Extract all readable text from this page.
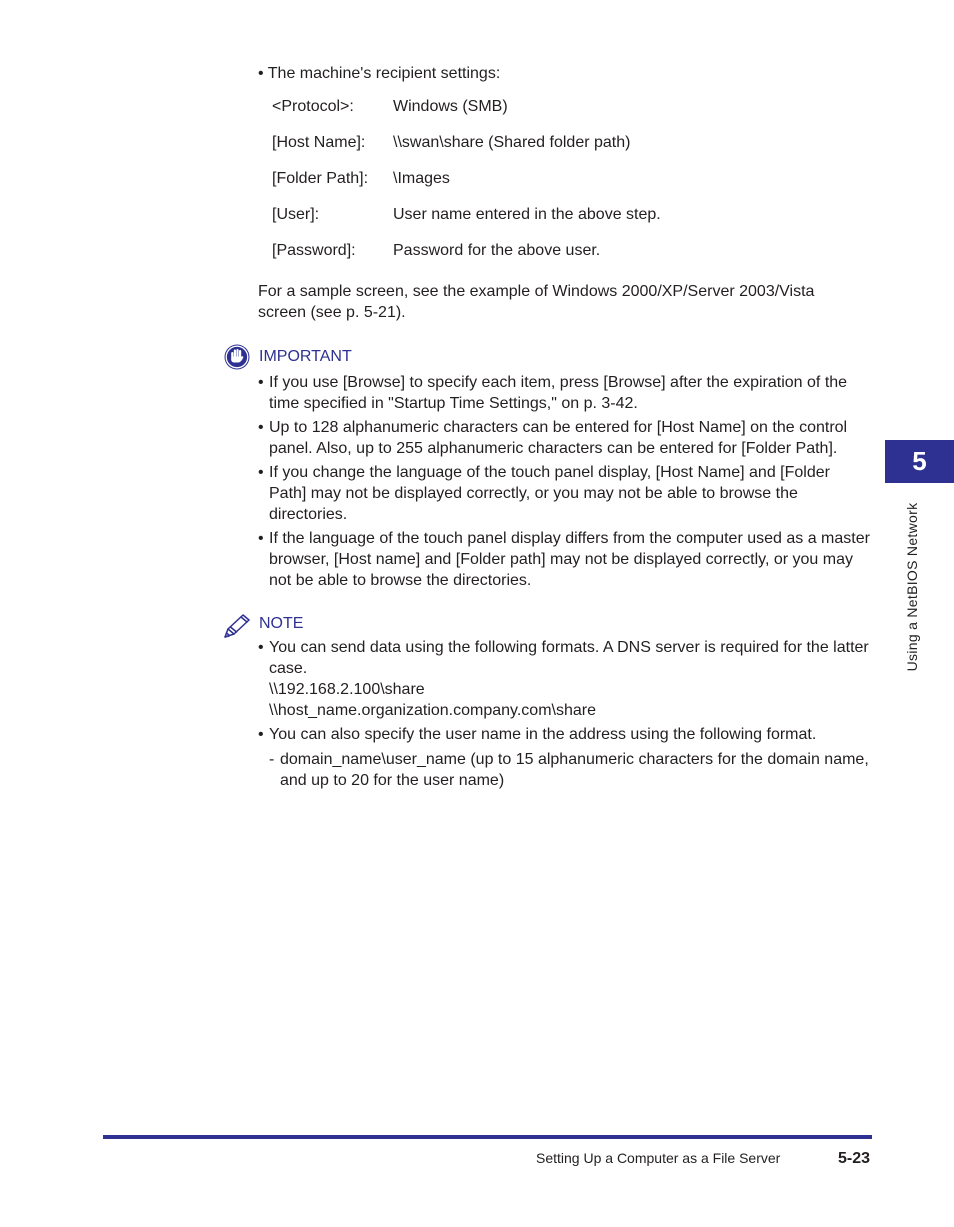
• The machine's recipient settings:
<Protocol>: Windows (SMB)
[Host Name]: \\swan\share (Shared folder path)
[Folder Path]: \Images
[User]:	User name entered in the above step.
[Password]: Password for the above user.
For a sample screen, see the example of Windows 2000/XP/Server 2003/Vista screen (see p. 5-21).
IMPORTANT
• If you use [Browse] to specify each item, press [Browse] after the expiration of the time specified in "Startup Time Settings," on p. 3-42.
• Up to 128 alphanumeric characters can be entered for [Host Name] on the control panel. Also, up to 255 alphanumeric characters can be entered for [Folder Path].
• If you change the language of the touch panel display, [Host Name] and [Folder Path] may not be displayed correctly, or you may not be able to browse the directories.
• If the language of the touch panel display differs from the computer used as a master browser, [Host name] and [Folder path] may not be displayed correctly, or you may not be able to browse the directories.
NOTE
• You can send data using the following formats. A DNS server is required for the latter case.
\\192.168.2.100\share
\\host_name.organization.company.com\share
• You can also specify the user name in the address using the following format.
- domain_name\user_name (up to 15 alphanumeric characters for the domain name, and up to 20 for the user name)
5
Using a NetBIOS Network
Setting Up a Computer as a File Server	5-23
